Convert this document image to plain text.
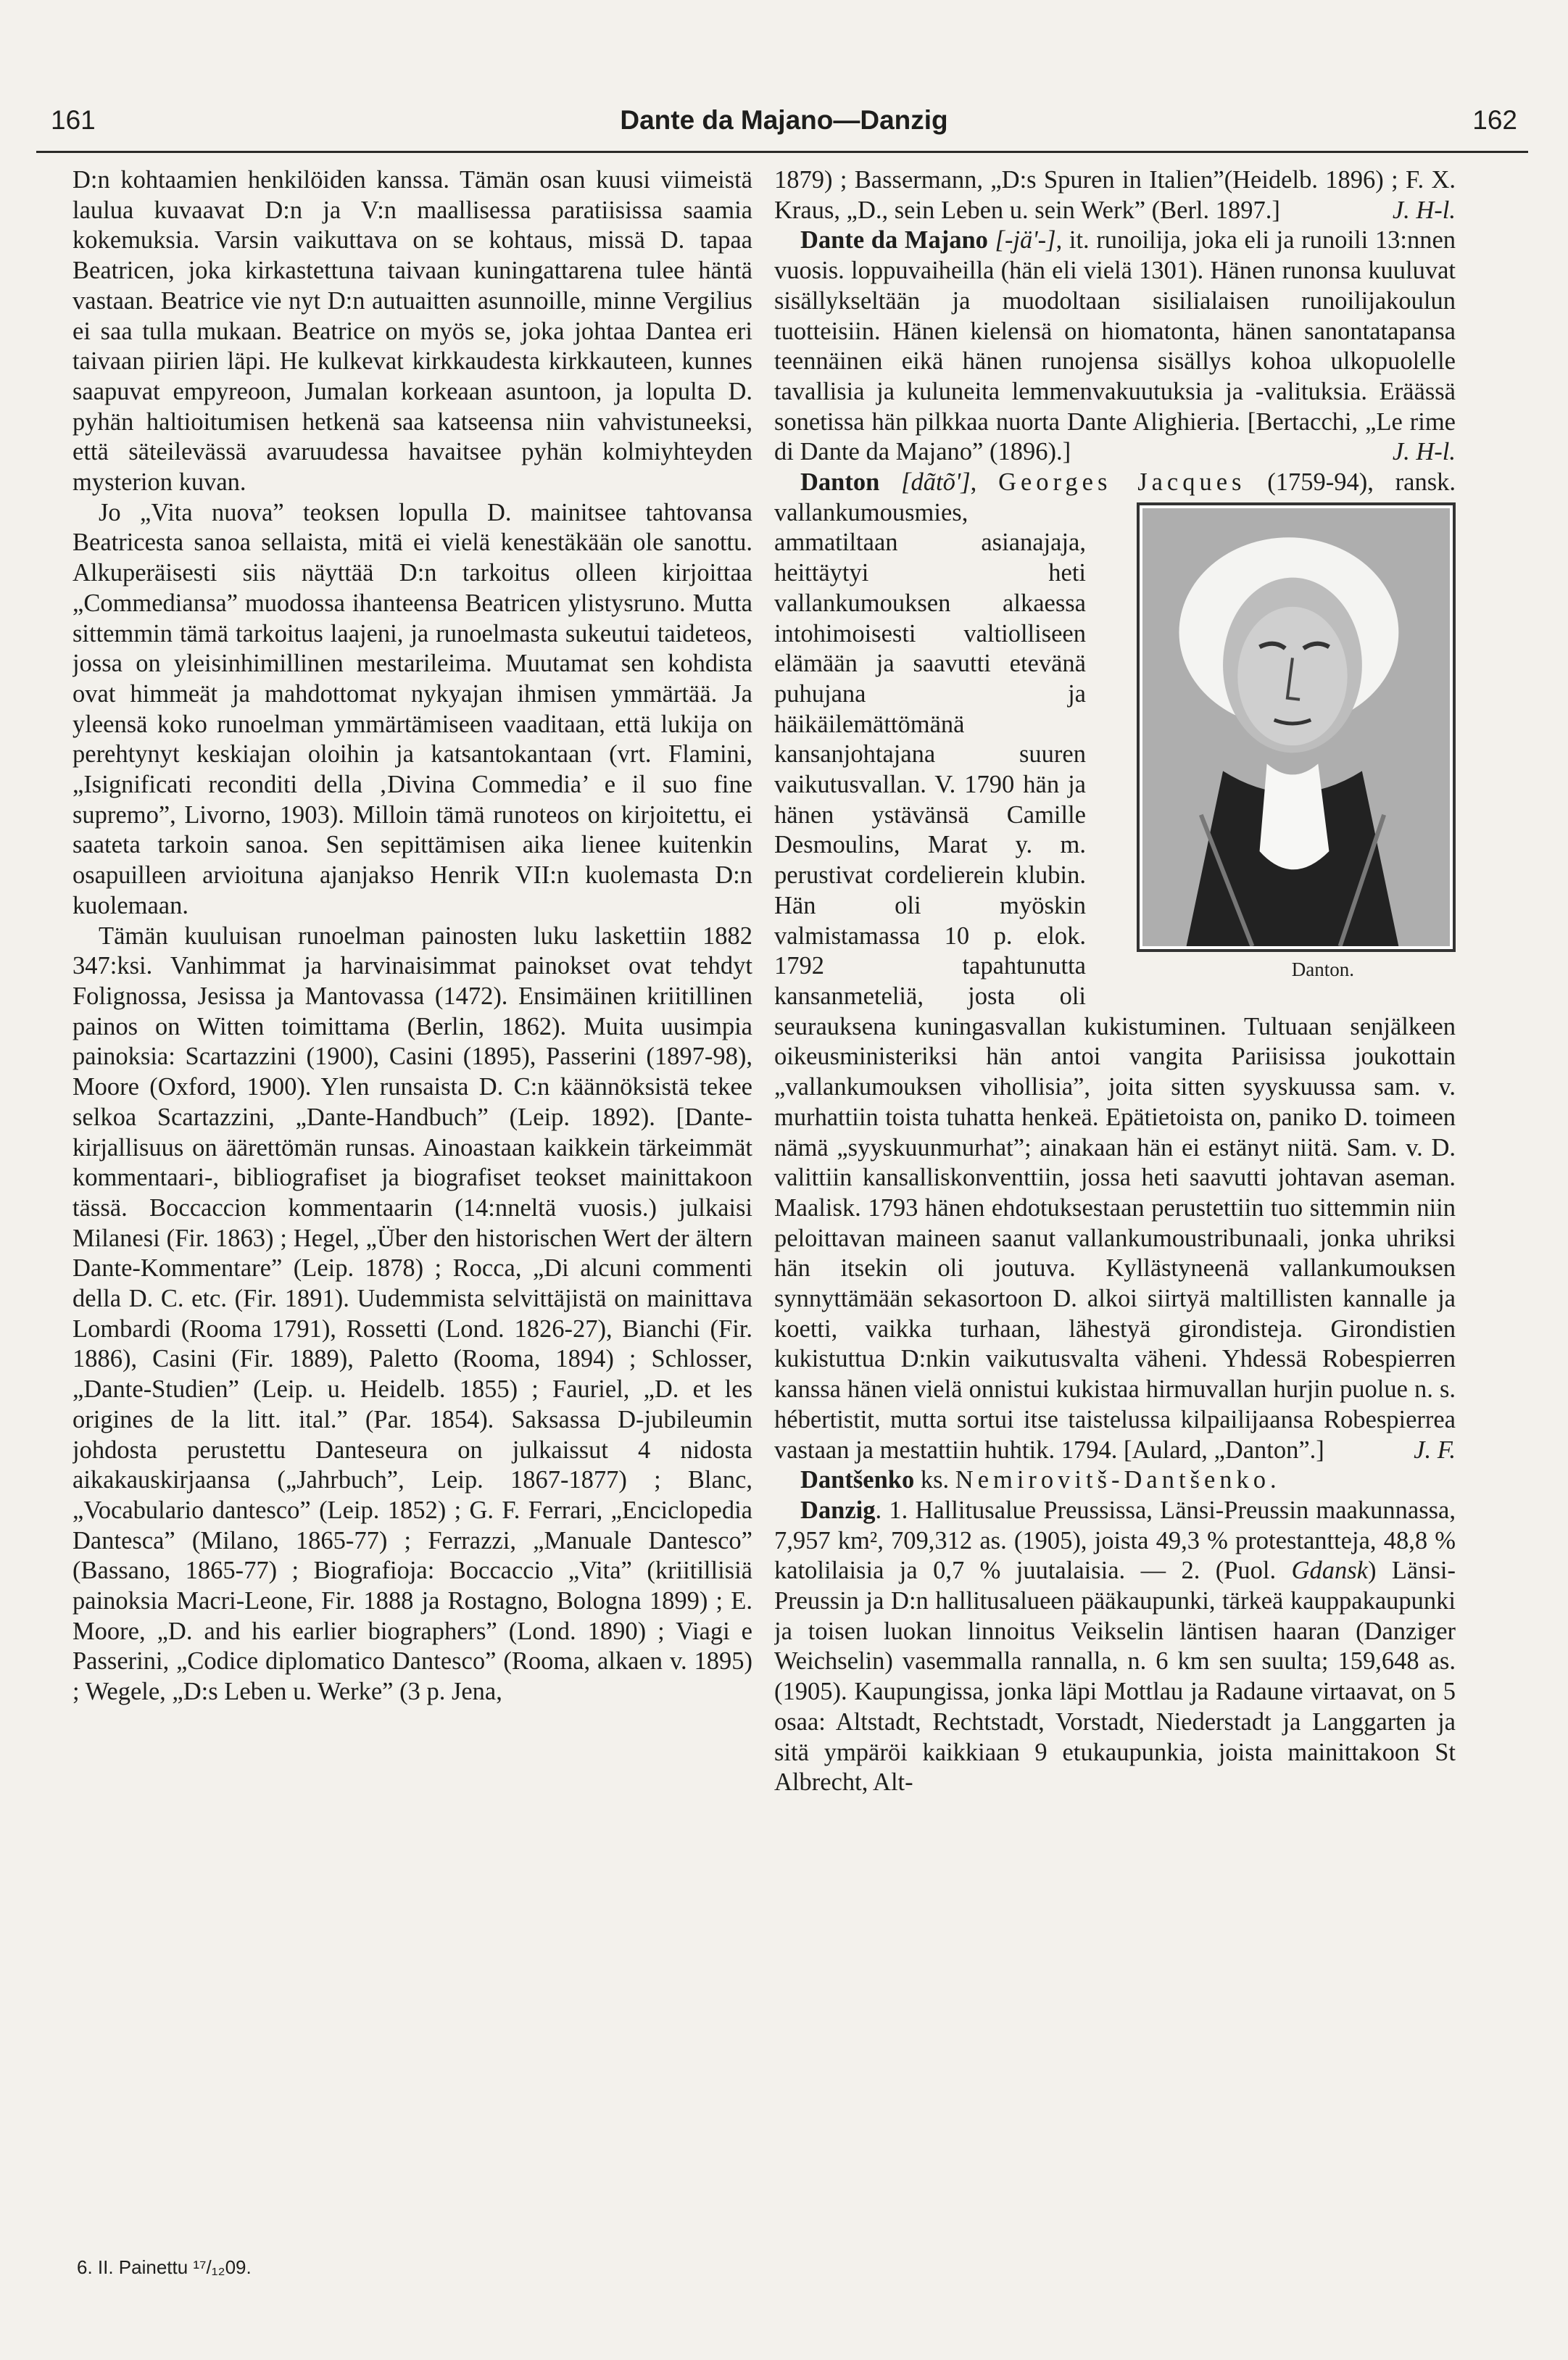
161	Dante da Majano—Danzig	162

D:n kohtaamien henkilöiden kanssa. Tämän osan kuusi viimeistä laulua kuvaavat D:n ja V:n maallisessa paratiisissa saamia kokemuksia. Varsin vaikuttava on se kohtaus, missä D. tapaa Beatricen, joka kirkastettuna taivaan kuningattarena tulee häntä vastaan. Beatrice vie nyt D:n autuaitten asunnoille, minne Vergilius ei saa tulla mukaan. Beatrice on myös se, joka johtaa Dantea eri taivaan piirien läpi. He kulkevat kirkkaudesta kirkkauteen, kunnes saapuvat empyreoon, Jumalan korkeaan asuntoon, ja lopulta D. pyhän haltioitumisen hetkenä saa katseensa niin vahvistuneeksi, että säteilevässä avaruudessa havaitsee pyhän kolmiyhteyden mysterion kuvan.

Jo „Vita nuova” teoksen lopulla D. mainitsee tahtovansa Beatricesta sanoa sellaista, mitä ei vielä kenestäkään ole sanottu. Alkuperäisesti siis näyttää D:n tarkoitus olleen kirjoittaa „Commediansa” muodossa ihanteensa Beatricen ylistysruno. Mutta sittemmin tämä tarkoitus laajeni, ja runoelmasta sukeutui taideteos, jossa on yleisinhimillinen mestarileima. Muutamat sen kohdista ovat himmeät ja mahdottomat nykyajan ihmisen ymmärtää. Ja yleensä koko runoelman ymmärtämiseen vaaditaan, että lukija on perehtynyt keskiajan oloihin ja katsantokantaan (vrt. Flamini, „Isignificati reconditi della ‚Divina Commedia’ e il suo fine supremo”, Livorno, 1903). Milloin tämä runoteos on kirjoitettu, ei saateta tarkoin sanoa. Sen sepittämisen aika lienee kuitenkin osapuilleen arvioituna ajanjakso Henrik VII:n kuolemasta D:n kuolemaan.

Tämän kuuluisan runoelman painosten luku laskettiin 1882 347:ksi. Vanhimmat ja harvinaisimmat painokset ovat tehdyt Folignossa, Jesissa ja Mantovassa (1472). Ensimäinen kriitillinen painos on Witten toimittama (Berlin, 1862). Muita uusimpia painoksia: Scartazzini (1900), Casini (1895), Passerini (1897-98), Moore (Oxford, 1900). Ylen runsaista D. C:n käännöksistä tekee selkoa Scartazzini, „Dante-Handbuch” (Leip. 1892). [Dante-kirjallisuus on äärettömän runsas. Ainoastaan kaikkein tärkeimmät kommentaari-, bibliografiset ja biografiset teokset mainittakoon tässä. Boccaccion kommentaarin (14:nneltä vuosis.) julkaisi Milanesi (Fir. 1863) ; Hegel, „Über den historischen Wert der ältern Dante-Kommentare” (Leip. 1878) ; Rocca, „Di alcuni commenti della D. C. etc. (Fir. 1891). Uudemmista selvittäjistä on mainittava Lombardi (Rooma 1791), Rossetti (Lond. 1826-27), Bianchi (Fir. 1886), Casini (Fir. 1889), Paletto (Rooma, 1894) ; Schlosser, „Dante-Studien” (Leip. u. Heidelb. 1855) ; Fauriel, „D. et les origines de la litt. ital.” (Par. 1854). Saksassa D-jubileumin johdosta perustettu Danteseura on julkaissut 4 nidosta aikakauskirjaansa („Jahrbuch”, Leip. 1867-1877) ; Blanc, „Vocabulario dantesco” (Leip. 1852) ; G. F. Ferrari, „Enciclopedia Dantesca” (Milano, 1865-77) ; Ferrazzi, „Manuale Dantesco” (Bassano, 1865-77) ; Biografioja: Boccaccio „Vita” (kriitillisiä painoksia Macri-Leone, Fir. 1888 ja Rostagno, Bologna 1899) ; E. Moore, „D. and his earlier biographers” (Lond. 1890) ; Viagi e Passerini, „Codice diplomatico Dantesco” (Rooma, alkaen v. 1895) ; Wegele, „D:s Leben u. Werke” (3 p. Jena,

1879) ; Bassermann, „D:s Spuren in Italien”(Heidelb. 1896) ; F. X. Kraus, „D., sein Leben u. sein Werk” (Berl. 1897.]	J. H-l.

Dante da Majano [-jä'-], it. runoilija, joka eli ja runoili 13:nnen vuosis. loppuvaiheilla (hän eli vielä 1301). Hänen runonsa kuuluvat sisällykseltään ja muodoltaan sisilialaisen runoilijakoulun tuotteisiin. Hänen kielensä on hiomatonta, hänen sanontatapansa teennäinen eikä hänen runojensa sisällys kohoa ulkopuolelle tavallisia ja kuluneita lemmenvakuutuksia ja -valituksia. Eräässä sonetissa hän pilkkaa nuorta Dante Alighieria. [Bertacchi, „Le rime di Dante da Majano” (1896).]	J. H-l.

Danton [dãtõ'], Georges Jacques
Danton.
(1759-94), ransk. vallankumousmies, ammatiltaan asianajaja, heittäytyi heti vallankumouksen alkaessa intohimoisesti valtiolliseen elämään ja saavutti etevänä puhujana ja häikäilemättömänä kansanjohtajana suuren vaikutusvallan. V. 1790 hän ja hänen ystävänsä Camille Desmoulins, Marat y. m. perustivat cordelierein klubin. Hän oli myöskin valmistamassa 10 p. elok. 1792 tapahtunutta kansanmeteliä, josta oli seurauksena kuningasvallan kukistuminen. Tultuaan senjälkeen oikeusministeriksi hän antoi vangita Pariisissa joukottain „vallankumouksen vihollisia”, joita sitten syyskuussa sam. v. murhattiin toista tuhatta henkeä. Epätietoista on, paniko D. toimeen nämä „syyskuunmurhat”; ainakaan hän ei estänyt niitä. Sam. v. D. valittiin kansalliskonventtiin, jossa heti saavutti johtavan aseman. Maalisk. 1793 hänen ehdotuksestaan perustettiin tuo sittemmin niin peloittavan maineen saanut vallankumoustribunaali, jonka uhriksi hän itsekin oli joutuva. Kyllästyneenä vallankumouksen synnyttämään sekasortoon D. alkoi siirtyä maltillisten kannalle ja koetti, vaikka turhaan, lähestyä girondisteja. Girondistien kukistuttua D:nkin vaikutusvalta väheni. Yhdessä Robespierren kanssa hänen vielä onnistui kukistaa hirmuvallan hurjin puolue n. s. hébertistit, mutta sortui itse taistelussa kilpailijaansa Robespierrea vastaan ja mestattiin huhtik. 1794. [Aulard, „Danton”.]	J. F.

Dantšenko ks. Nemirovitš-Dantšenko.

Danzig. 1. Hallitusalue Preussissa, Länsi-Preussin maakunnassa, 7,957 km², 709,312 as. (1905), joista 49,3 % protestantteja, 48,8 % katolilaisia ja 0,7 % juutalaisia. — 2. (Puol. Gdansk) Länsi-Preussin ja D:n hallitusalueen pääkaupunki, tärkeä kauppakaupunki ja toisen luokan linnoitus Veikselin läntisen haaran (Danziger Weichselin) vasemmalla rannalla, n. 6 km sen suulta; 159,648 as. (1905). Kaupungissa, jonka läpi Mottlau ja Radaune virtaavat, on 5 osaa: Altstadt, Rechtstadt, Vorstadt, Niederstadt ja Langgarten ja sitä ympäröi kaikkiaan 9 etukaupunkia, joista mainittakoon St Albrecht, Alt-

6. II. Painettu ¹⁷/₁₂09.
